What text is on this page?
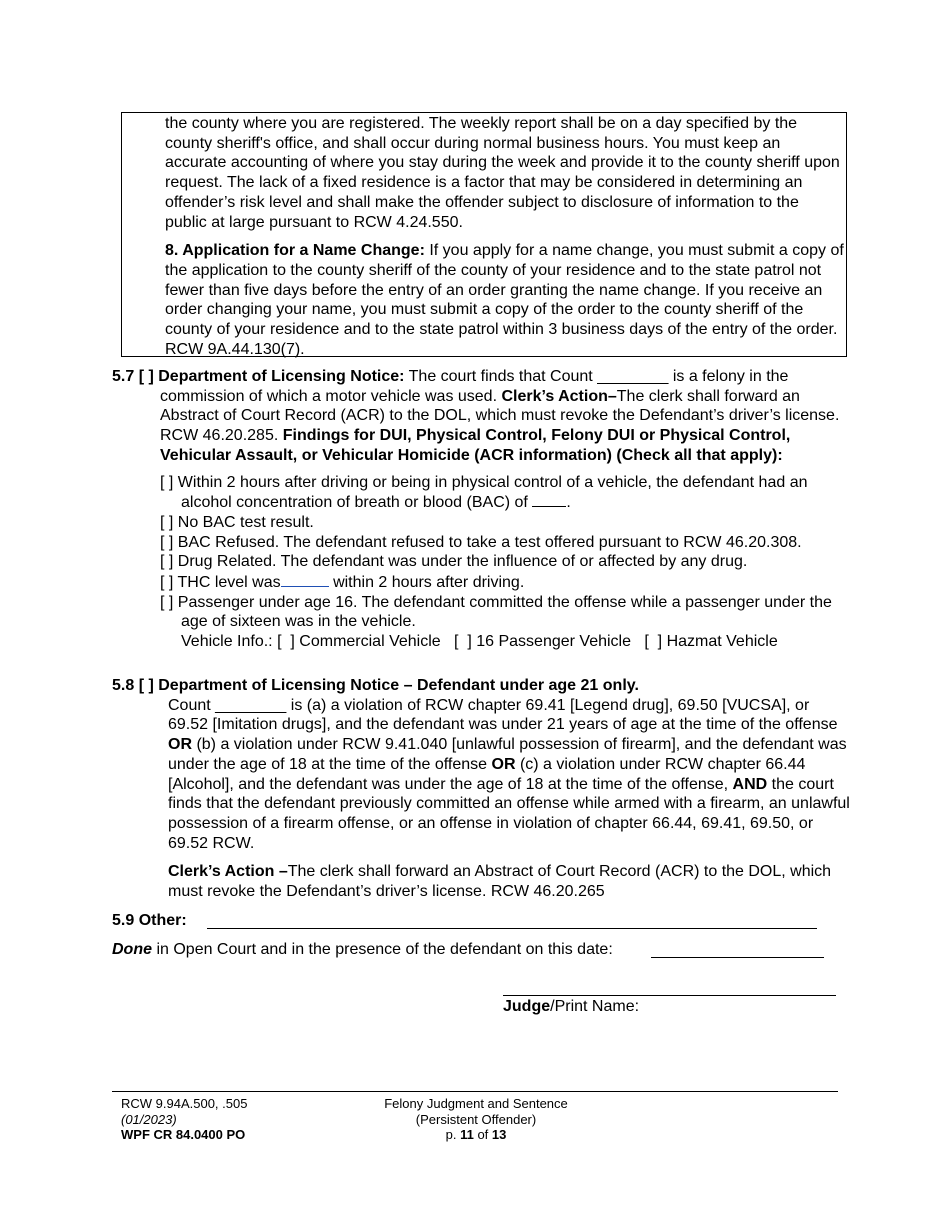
the county where you are registered. The weekly report shall be on a day specified by the county sheriff's office, and shall occur during normal business hours. You must keep an accurate accounting of where you stay during the week and provide it to the county sheriff upon request. The lack of a fixed residence is a factor that may be considered in determining an offender’s risk level and shall make the offender subject to disclosure of information to the public at large pursuant to RCW 4.24.550.

8. Application for a Name Change: If you apply for a name change, you must submit a copy of the application to the county sheriff of the county of your residence and to the state patrol not fewer than five days before the entry of an order granting the name change. If you receive an order changing your name, you must submit a copy of the order to the county sheriff of the county of your residence and to the state patrol within 3 business days of the entry of the order. RCW 9A.44.130(7).

5.7 [ ] Department of Licensing Notice: The court finds that Count ________ is a felony in the commission of which a motor vehicle was used. Clerk’s Action–The clerk shall forward an Abstract of Court Record (ACR) to the DOL, which must revoke the Defendant’s driver’s license. RCW 46.20.285. Findings for DUI, Physical Control, Felony DUI or Physical Control, Vehicular Assault, or Vehicular Homicide (ACR information) (Check all that apply):

[ ] Within 2 hours after driving or being in physical control of a vehicle, the defendant had an alcohol concentration of breath or blood (BAC) of .

[ ] No BAC test result.

[ ] BAC Refused. The defendant refused to take a test offered pursuant to RCW 46.20.308.

[ ] Drug Related. The defendant was under the influence of or affected by any drug.

[ ] THC level was	within 2 hours after driving.

[ ] Passenger under age 16. The defendant committed the offense while a passenger under the age of sixteen was in the vehicle.

Vehicle Info.: [  ] Commercial Vehicle   [  ] 16 Passenger Vehicle   [  ] Hazmat Vehicle

5.8 [ ] Department of Licensing Notice – Defendant under age 21 only.

Count ________ is (a) a violation of RCW chapter 69.41 [Legend drug], 69.50 [VUCSA], or 69.52 [Imitation drugs], and the defendant was under 21 years of age at the time of the offense OR (b) a violation under RCW 9.41.040 [unlawful possession of firearm], and the defendant was under the age of 18 at the time of the offense OR (c) a violation under RCW chapter 66.44 [Alcohol], and the defendant was under the age of 18 at the time of the offense, AND the court finds that the defendant previously committed an offense while armed with a firearm, an unlawful possession of a firearm offense, or an offense in violation of chapter 66.44, 69.41, 69.50, or 69.52 RCW.

Clerk’s Action –The clerk shall forward an Abstract of Court Record (ACR) to the DOL, which must revoke the Defendant’s driver’s license. RCW 46.20.265

5.9 Other:

Done in Open Court and in the presence of the defendant on this date:

Judge/Print Name:

RCW 9.94A.500, .505
(01/2023)
WPF CR 84.0400 PO
Felony Judgment and Sentence
(Persistent Offender)
p. 11 of 13
